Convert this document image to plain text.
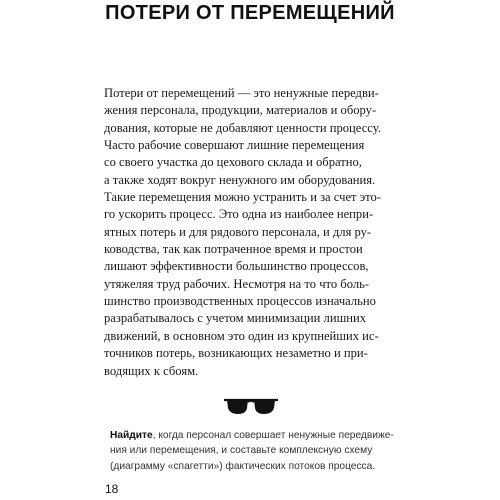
ПОТЕРИ ОТ ПЕРЕМЕЩЕНИЙ
Потери от перемещений — это ненужные передви-
жения персонала, продукции, материалов и обору-
дования, которые не добавляют ценности процессу.
Часто рабочие совершают лишние перемещения
со своего участка до цехового склада и обратно,
а также ходят вокруг ненужного им оборудования.
Такие перемещения можно устранить и за счет это-
го ускорить процесс. Это одна из наиболее непри-
ятных потерь и для рядового персонала, и для ру-
ководства, так как потраченное время и простои
лишают эффективности большинство процессов,
утяжеляя труд рабочих. Несмотря на то что боль-
шинство производственных процессов изначально
разрабатывалось с учетом минимизации лишних
движений, в основном это один из крупнейших ис-
точников потерь, возникающих незаметно и при-
водящих к сбоям.
Найдите, когда персонал совершает ненужные передвиже-
ния или перемещения, и составьте комплексную схему
(диаграмму «спагетти») фактических потоков процесса.
18
